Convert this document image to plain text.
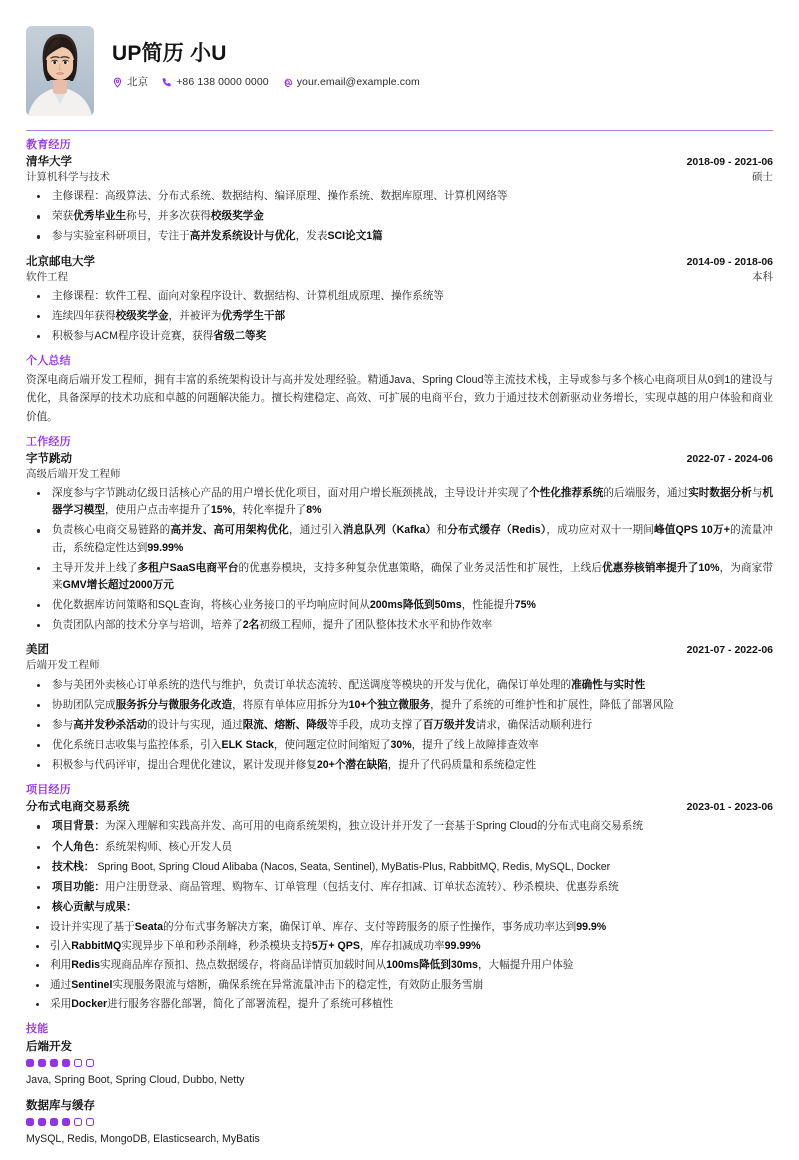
UP简历 小U
北京	+86 138 0000 0000	your.email@example.com
教育经历
清华大学	2018-09 - 2021-06
计算机科学与技术	硕士
主修课程：高级算法、分布式系统、数据结构、编译原理、操作系统、数据库原理、计算机网络等
荣获优秀毕业生称号，并多次获得校级奖学金
参与实验室科研项目，专注于高并发系统设计与优化，发表SCI论文1篇
北京邮电大学	2014-09 - 2018-06
软件工程	本科
主修课程：软件工程、面向对象程序设计、数据结构、计算机组成原理、操作系统等
连续四年获得校级奖学金，并被评为优秀学生干部
积极参与ACM程序设计竞赛，获得省级二等奖
个人总结

资深电商后端开发工程师，拥有丰富的系统架构设计与高并发处理经验。精通Java、Spring Cloud等主流技术栈，主导或参与多个核心电商项目从0到1的建设与优化，具备深厚的技术功底和卓越的问题解决能力。擅长构建稳定、高效、可扩展的电商平台，致力于通过技术创新驱动业务增长，实现卓越的用户体验和商业价值。

工作经历
字节跳动	2022-07 - 2024-06
高级后端开发工程师
深度参与字节跳动亿级日活核心产品的用户增长优化项目，面对用户增长瓶颈挑战，主导设计并实现了个性化推荐系统的后端服务，通过实时数据分析与机器学习模型，使用户点击率提升了15%，转化率提升了8%
负责核心电商交易链路的高并发、高可用架构优化，通过引入消息队列（Kafka）和分布式缓存（Redis），成功应对双十一期间峰值QPS 10万+的流量冲击，系统稳定性达到99.99%
主导开发并上线了多租户SaaS电商平台的优惠券模块，支持多种复杂优惠策略，确保了业务灵活性和扩展性，上线后优惠券核销率提升了10%，为商家带来GMV增长超过2000万元
优化数据库访问策略和SQL查询，将核心业务接口的平均响应时间从200ms降低到50ms，性能提升75%
负责团队内部的技术分享与培训，培养了2名初级工程师，提升了团队整体技术水平和协作效率
美团	2021-07 - 2022-06
后端开发工程师
参与美团外卖核心订单系统的迭代与维护，负责订单状态流转、配送调度等模块的开发与优化，确保订单处理的准确性与实时性
协助团队完成服务拆分与微服务化改造，将原有单体应用拆分为10+个独立微服务，提升了系统的可维护性和扩展性，降低了部署风险
参与高并发秒杀活动的设计与实现，通过限流、熔断、降级等手段，成功支撑了百万级并发请求，确保活动顺利进行
优化系统日志收集与监控体系，引入ELK Stack，使问题定位时间缩短了30%，提升了线上故障排查效率
积极参与代码评审，提出合理优化建议，累计发现并修复20+个潜在缺陷，提升了代码质量和系统稳定性
项目经历
分布式电商交易系统	2023-01 - 2023-06
项目背景：为深入理解和实践高并发、高可用的电商系统架构，独立设计并开发了一套基于Spring Cloud的分布式电商交易系统
个人角色：系统架构师、核心开发人员
技术栈： Spring Boot, Spring Cloud Alibaba (Nacos, Seata, Sentinel), MyBatis-Plus, RabbitMQ, Redis, MySQL, Docker
项目功能：用户注册登录、商品管理、购物车、订单管理（包括支付、库存扣减、订单状态流转）、秒杀模块、优惠券系统
核心贡献与成果：
设计并实现了基于Seata的分布式事务解决方案，确保订单、库存、支付等跨服务的原子性操作，事务成功率达到99.9%
引入RabbitMQ实现异步下单和秒杀削峰，秒杀模块支持5万+ QPS，库存扣减成功率99.99%
利用Redis实现商品库存预扣、热点数据缓存，将商品详情页加载时间从100ms降低到30ms，大幅提升用户体验
通过Sentinel实现服务限流与熔断，确保系统在异常流量冲击下的稳定性，有效防止服务雪崩
采用Docker进行服务容器化部署，简化了部署流程，提升了系统可移植性
技能
后端开发
Java, Spring Boot, Spring Cloud, Dubbo, Netty
数据库与缓存
MySQL, Redis, MongoDB, Elasticsearch, MyBatis
